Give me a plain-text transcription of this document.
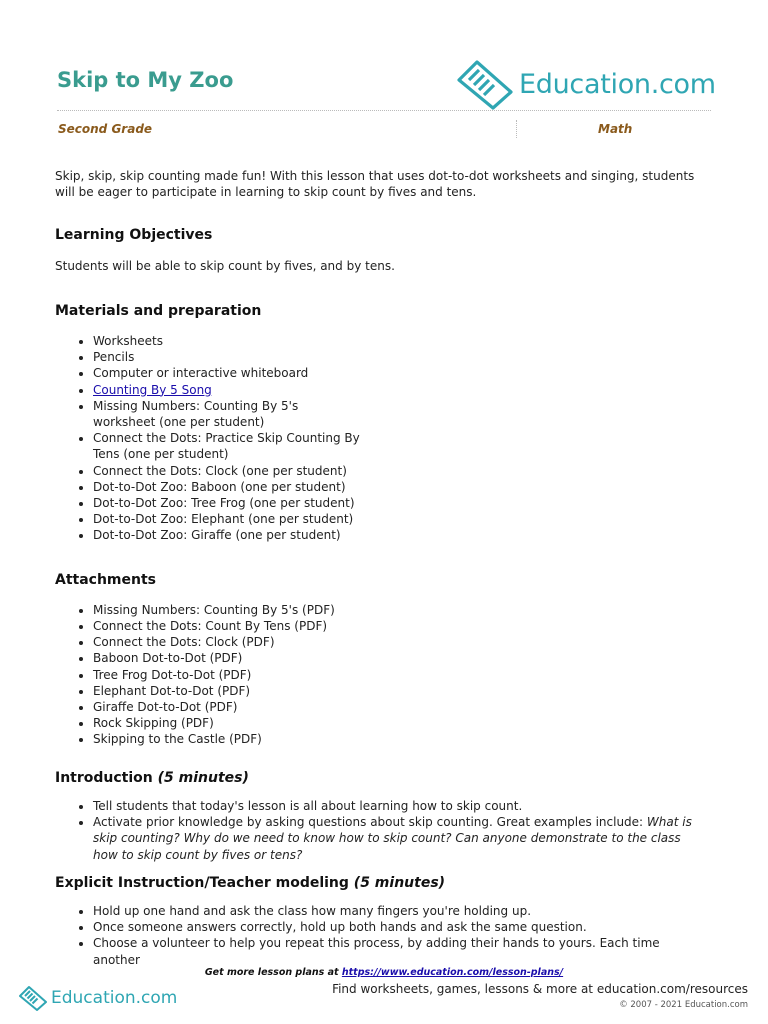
Skip to My Zoo	Education.com
Second Grade	Math

Skip, skip, skip counting made fun! With this lesson that uses dot-to-dot worksheets and singing, students will be eager to participate in learning to skip count by fives and tens.

Learning Objectives

Students will be able to skip count by fives, and by tens.

Materials and preparation
• Worksheets
• Pencils
• Computer or interactive whiteboard
• Counting By 5 Song
• Missing Numbers: Counting By 5's worksheet (one per student)
• Connect the Dots: Practice Skip Counting By Tens (one per student)
• Connect the Dots: Clock (one per student)
• Dot-to-Dot Zoo: Baboon (one per student)
• Dot-to-Dot Zoo: Tree Frog (one per student)
• Dot-to-Dot Zoo: Elephant (one per student)
• Dot-to-Dot Zoo: Giraffe (one per student)
Attachments
• Missing Numbers: Counting By 5's (PDF)
• Connect the Dots: Count By Tens (PDF)
• Connect the Dots: Clock (PDF)
• Baboon Dot-to-Dot (PDF)
• Tree Frog Dot-to-Dot (PDF)
• Elephant Dot-to-Dot (PDF)
• Giraffe Dot-to-Dot (PDF)
• Rock Skipping (PDF)
• Skipping to the Castle (PDF)
Introduction (5 minutes)
• Tell students that today's lesson is all about learning how to skip count.
• Activate prior knowledge by asking questions about skip counting. Great examples include: What is skip counting? Why do we need to know how to skip count? Can anyone demonstrate to the class how to skip count by fives or tens?
Explicit Instruction/Teacher modeling (5 minutes)
• Hold up one hand and ask the class how many fingers you're holding up.
• Once someone answers correctly, hold up both hands and ask the same question.
• Choose a volunteer to help you repeat this process, by adding their hands to yours. Each time another
Get more lesson plans at https://www.education.com/lesson-plans/
Education.com	Find worksheets, games, lessons & more at education.com/resources
© 2007 - 2021 Education.com
